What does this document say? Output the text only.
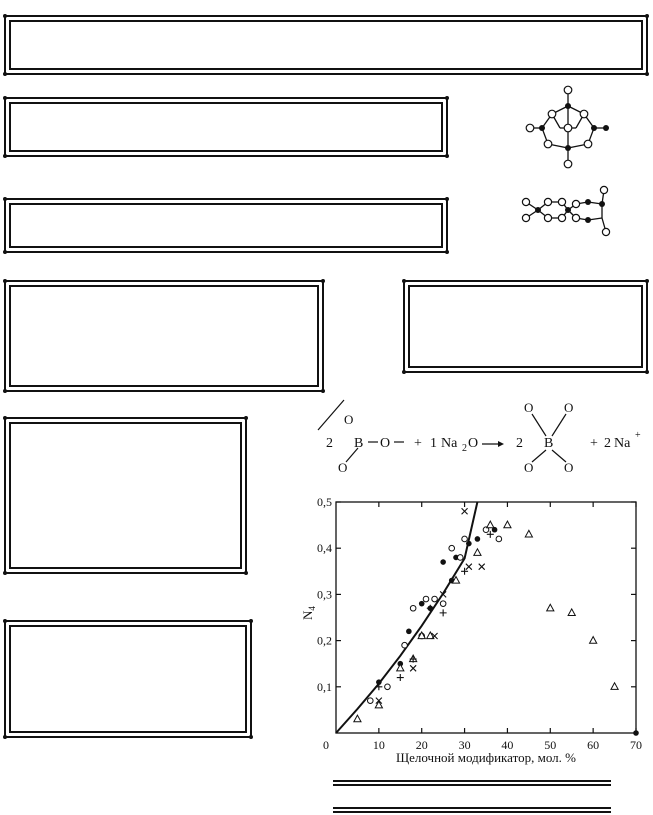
2 B O + 1 Na 2 O	2 B	+ 2 Na
+
O
O
O O
O O
0,1
0,2
0,3
0,4
0,5
0	10	20	30	40	50	60	70
$N_4$
Щелочной модификатор, мол. %
